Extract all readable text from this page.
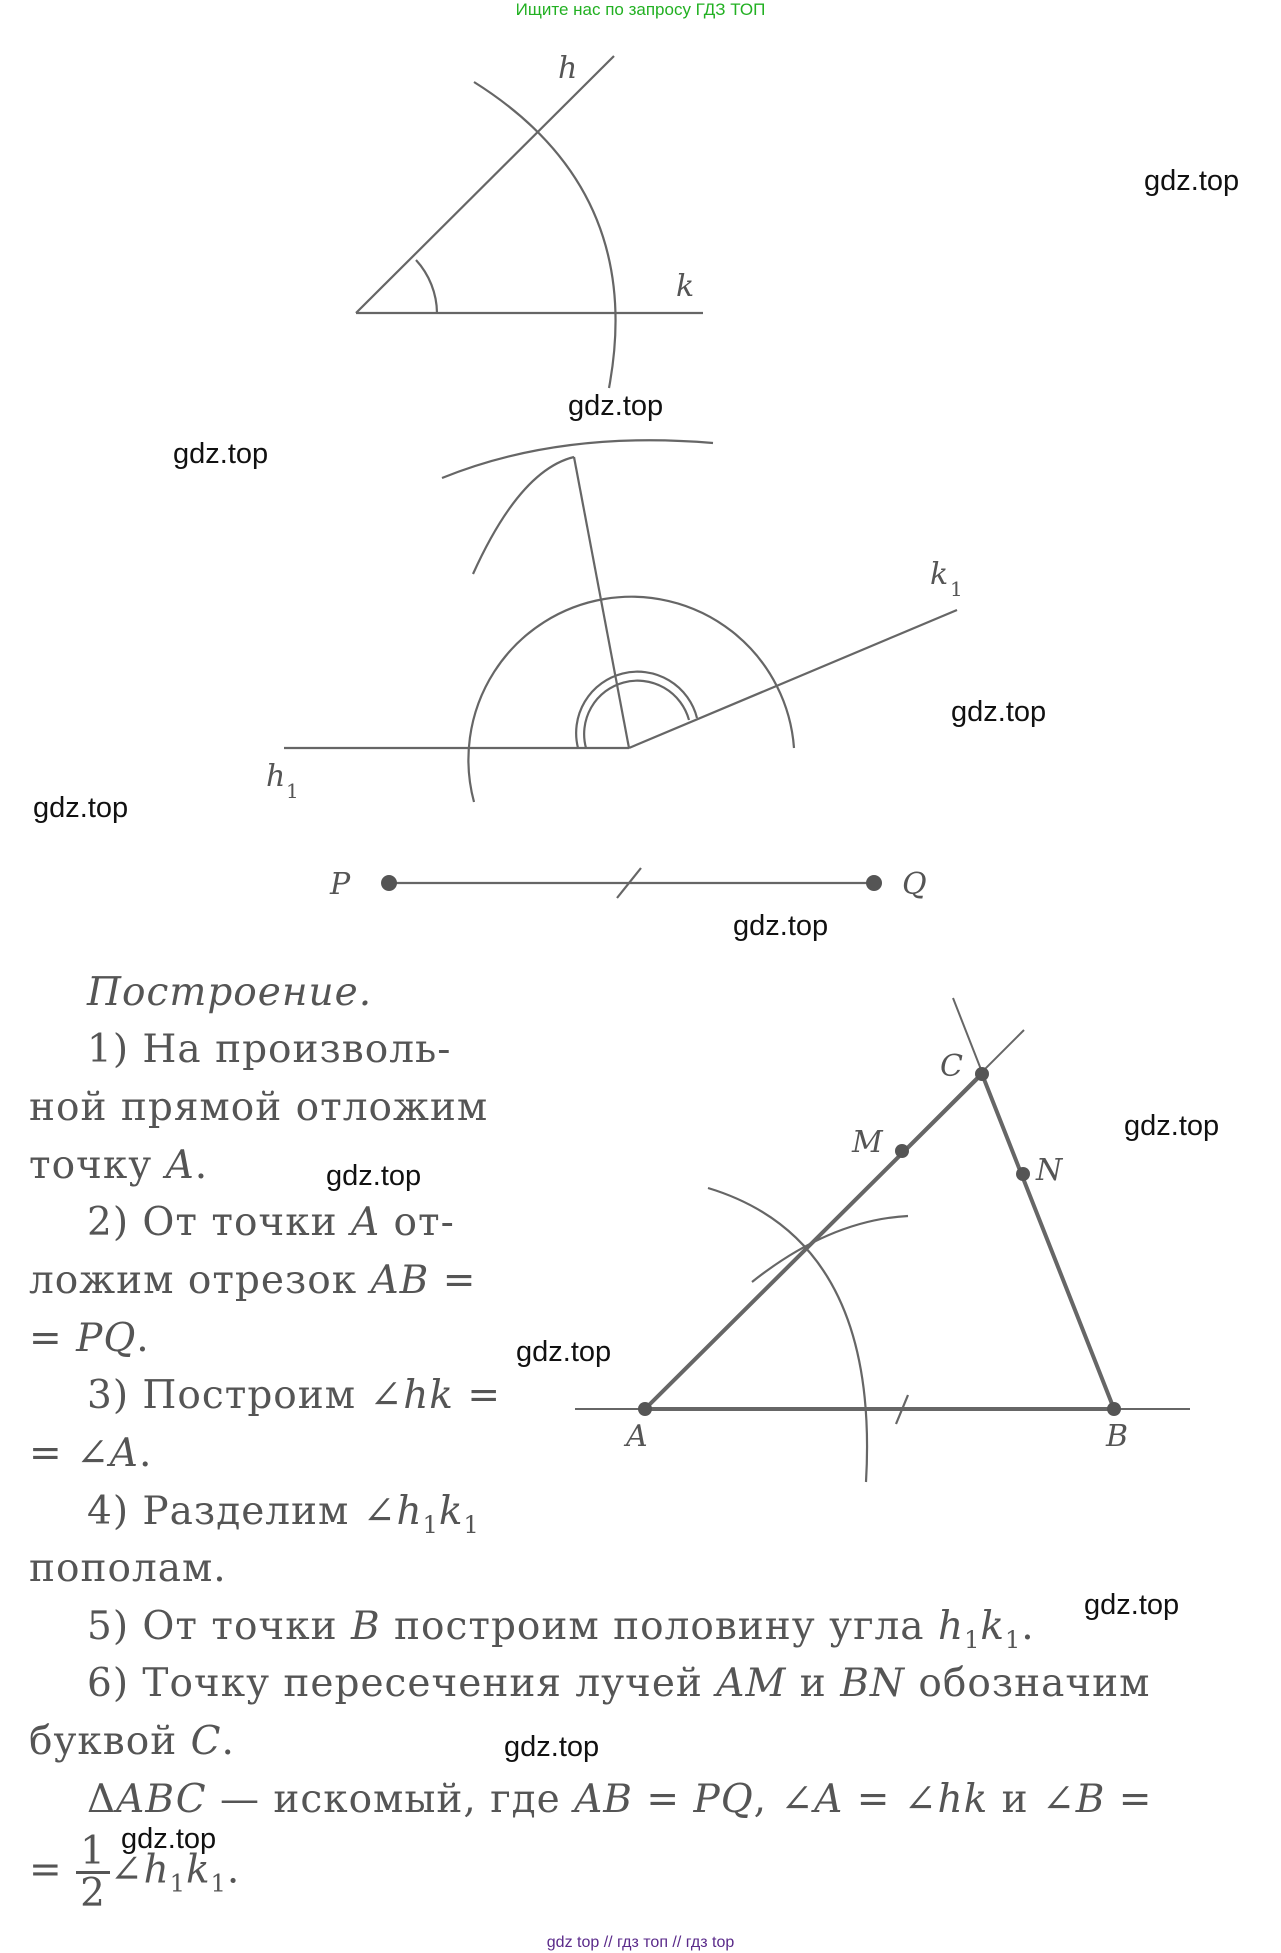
Ищите нас по запросу ГДЗ ТОП
h
k
k 1
h 1
P	Q
A	B
C
M
N
Построение.
1) На произволь-
ной прямой отложим
точку A.
2) От точки A от-
ложим отрезок AB =
= PQ.
3) Построим ∠hk =
= ∠A.
4) Разделим $\angle h_1k_1$
пополам.
5) От точки B построим половину угла $h_1k_1$.
6) Точку пересечения лучей AM и BN обозначим
буквой C.
ΔABC — искомый, где AB = PQ, ∠A = ∠hk и ∠B =
= $\frac{1}{2}$ $\angle h_1k_1$.
gdz.top
gdz.top
gdz.top
gdz.top
gdz.top
gdz.top
gdz.top
gdz.top
gdz.top
gdz.top
gdz.top
gdz.top
gdz top // гдз топ // гдз top
